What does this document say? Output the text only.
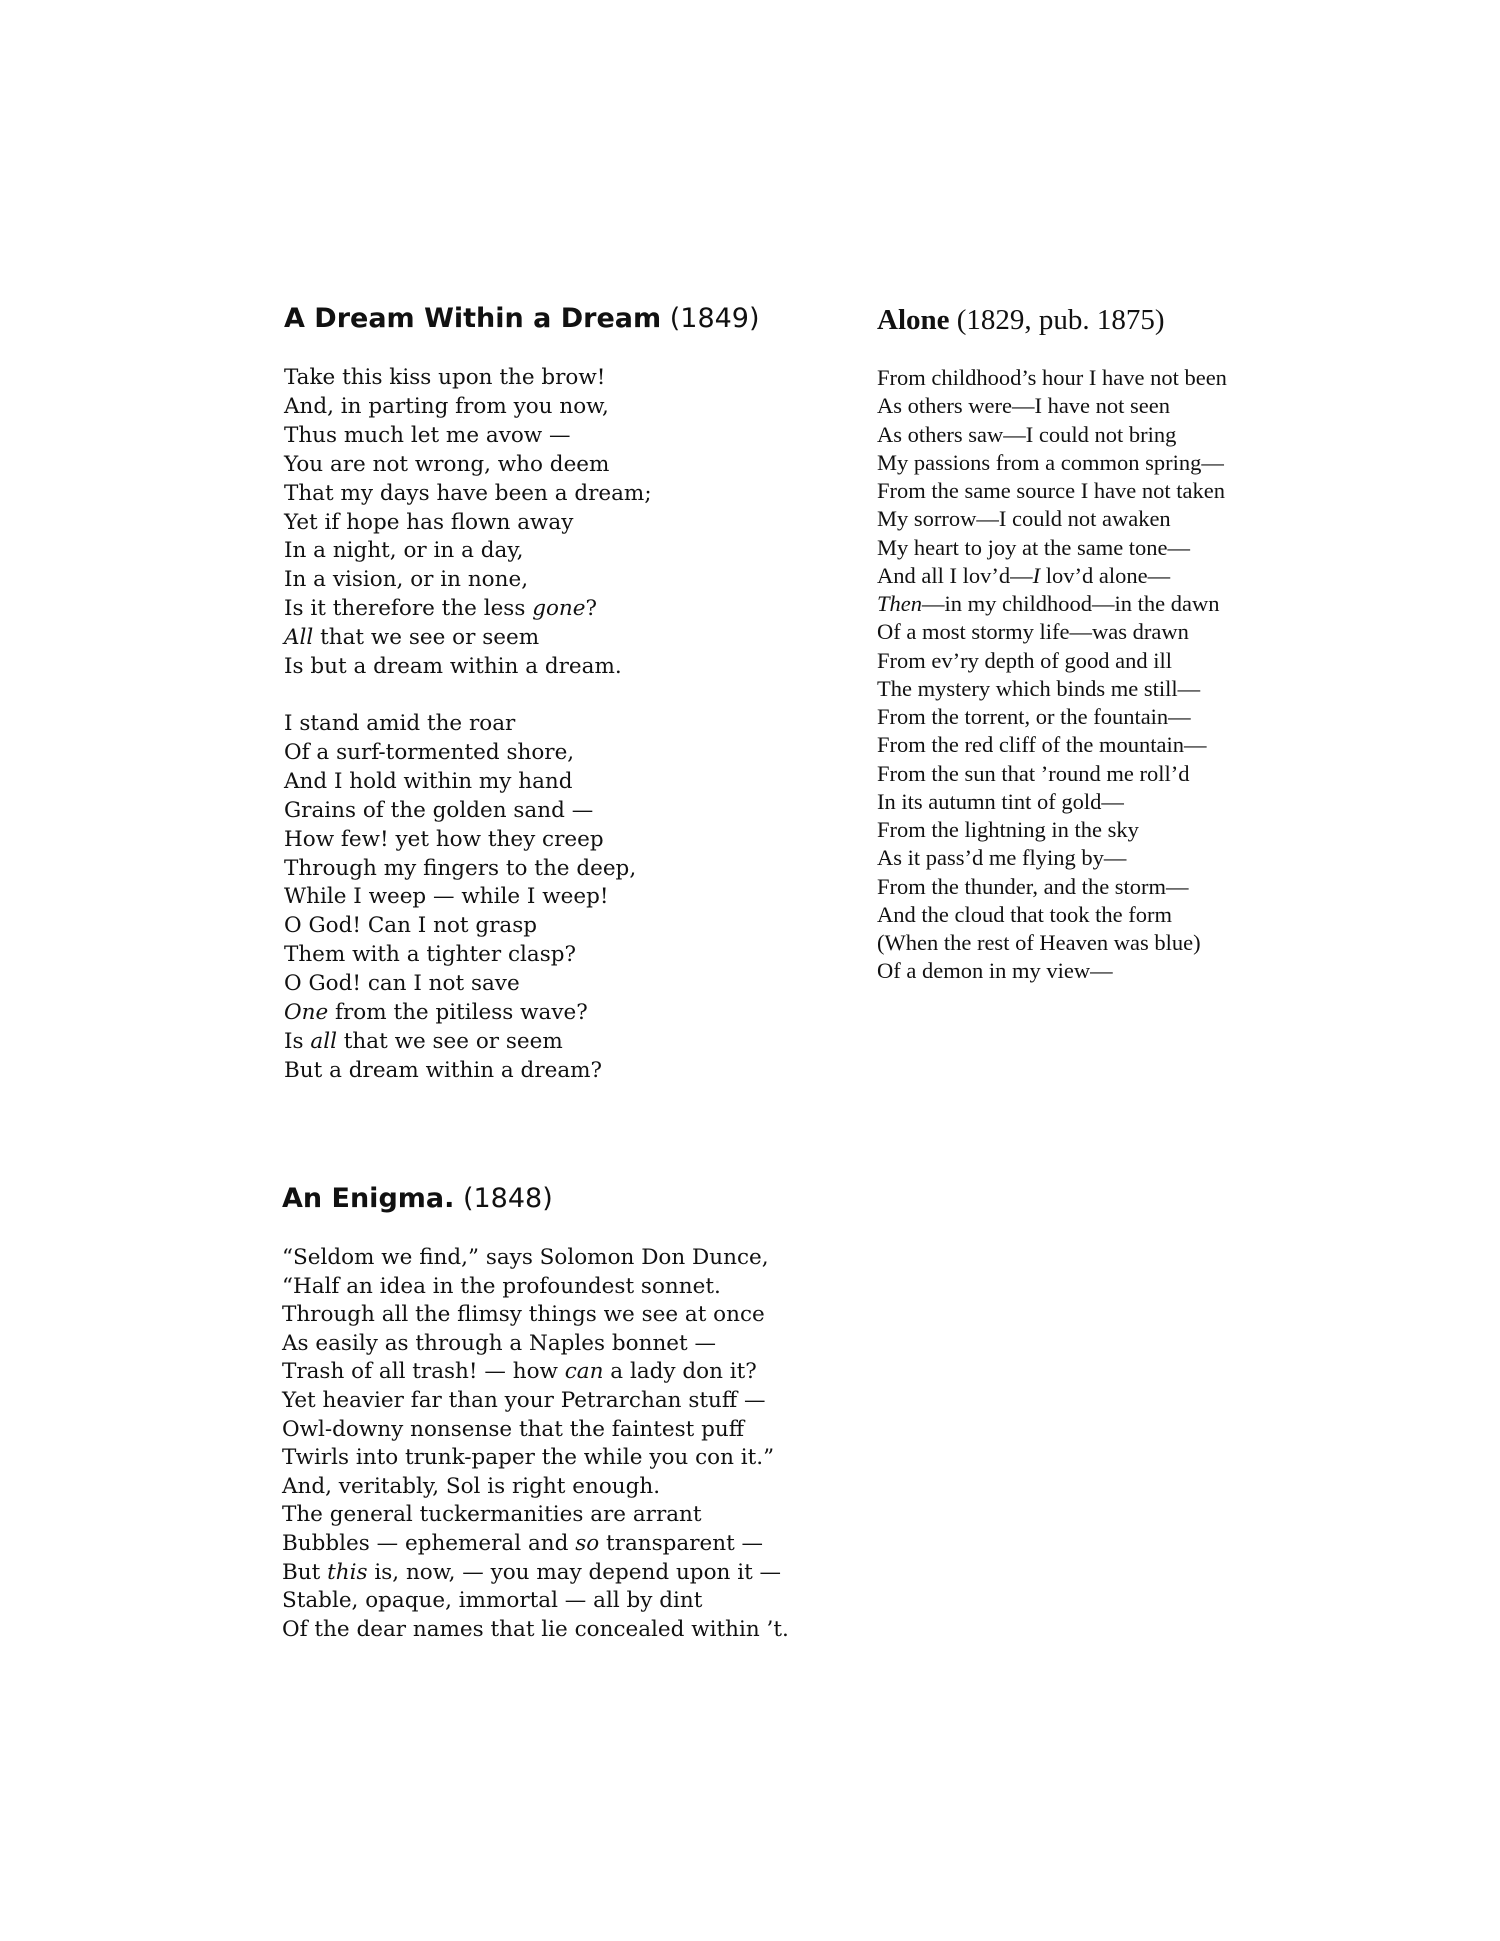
A Dream Within a Dream (1849)
Take this kiss upon the brow!
And, in parting from you now,
Thus much let me avow —
You are not wrong, who deem
That my days have been a dream;
Yet if hope has flown away
In a night, or in a day,
In a vision, or in none,
Is it therefore the less gone?
All that we see or seem
Is but a dream within a dream.
I stand amid the roar
Of a surf-tormented shore,
And I hold within my hand
Grains of the golden sand —
How few! yet how they creep
Through my fingers to the deep,
While I weep — while I weep!
O God! Can I not grasp
Them with a tighter clasp?
O God! can I not save
One from the pitiless wave?
Is all that we see or seem
But a dream within a dream?
Alone (1829, pub. 1875)
From childhood’s hour I have not been
As others were—I have not seen
As others saw—I could not bring
My passions from a common spring—
From the same source I have not taken
My sorrow—I could not awaken
My heart to joy at the same tone—
And all I lov’d—I lov’d alone—
Then—in my childhood—in the dawn
Of a most stormy life—was drawn
From ev’ry depth of good and ill
The mystery which binds me still—
From the torrent, or the fountain—
From the red cliff of the mountain—
From the sun that ’round me roll’d
In its autumn tint of gold—
From the lightning in the sky
As it pass’d me flying by—
From the thunder, and the storm—
And the cloud that took the form
(When the rest of Heaven was blue)
Of a demon in my view—
An Enigma. (1848)
“Seldom we find,” says Solomon Don Dunce,
“Half an idea in the profoundest sonnet.
Through all the flimsy things we see at once
As easily as through a Naples bonnet —
Trash of all trash! — how can a lady don it?
Yet heavier far than your Petrarchan stuff —
Owl-downy nonsense that the faintest puff
Twirls into trunk-paper the while you con it.”
And, veritably, Sol is right enough.
The general tuckermanities are arrant
Bubbles — ephemeral and so transparent —
But this is, now, — you may depend upon it —
Stable, opaque, immortal — all by dint
Of the dear names that lie concealed within ’t.
